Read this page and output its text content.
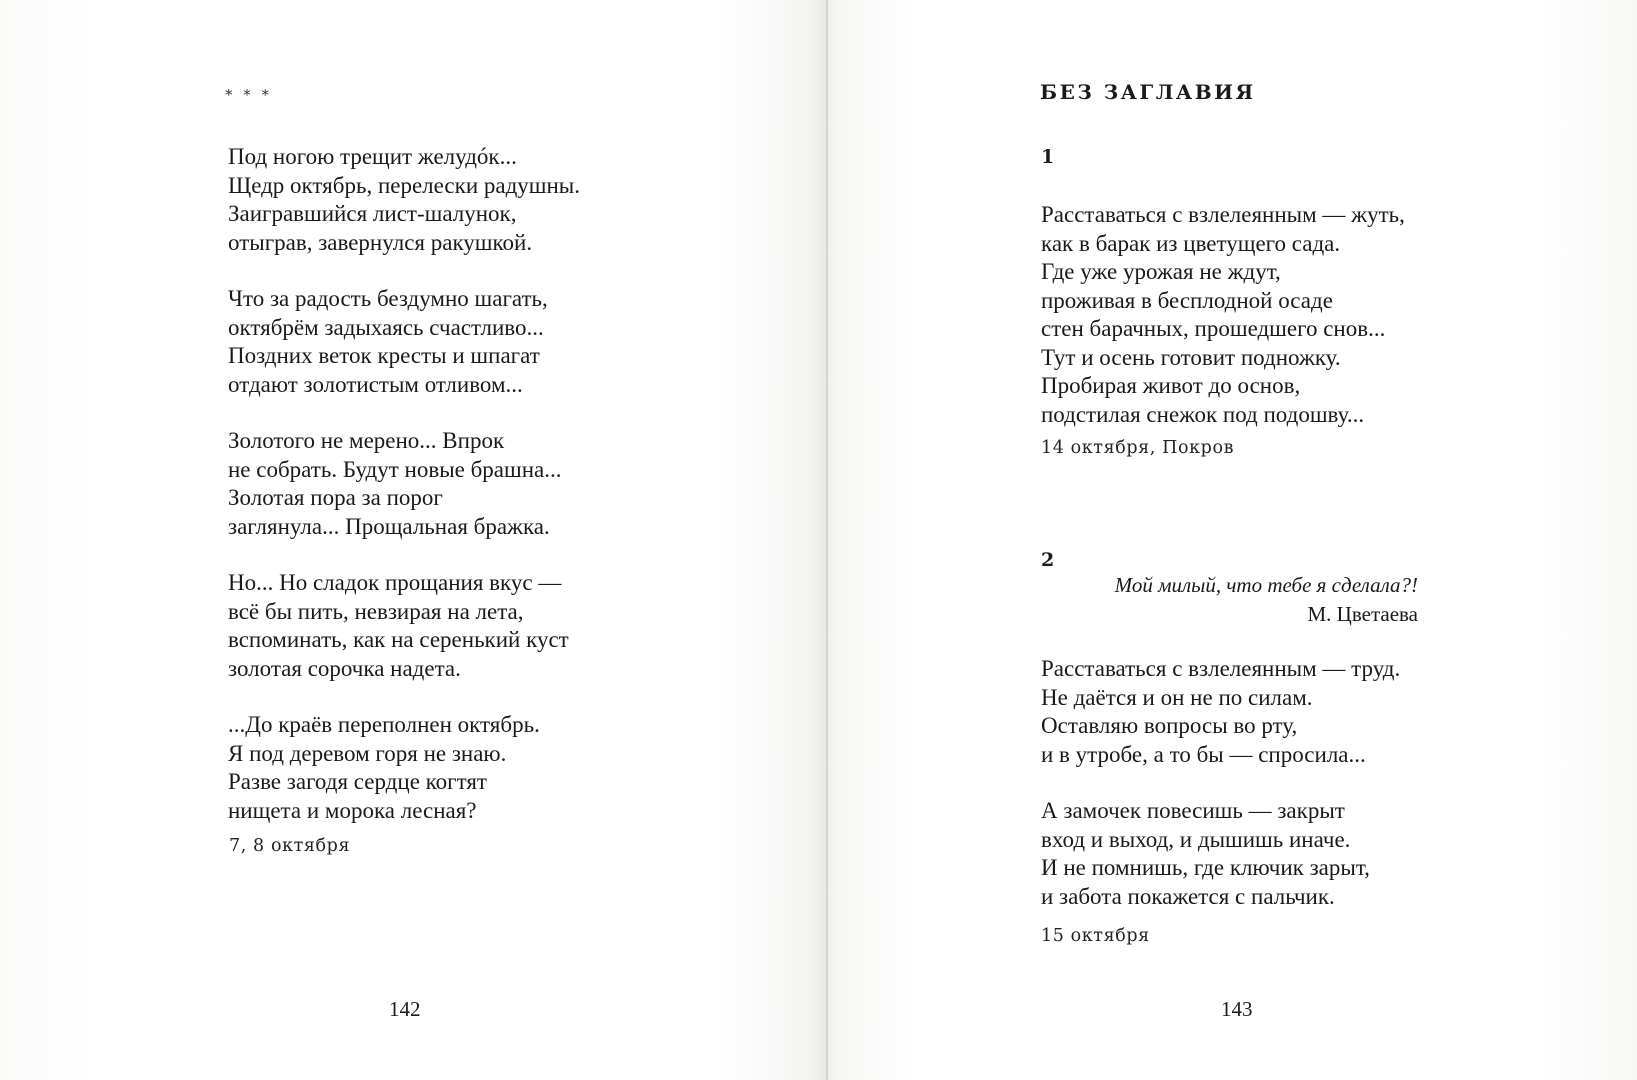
* * *
Под ногою трещит желудóк...
Щедр октябрь, перелески радушны.
Заигравшийся лист-шалунок,
отыграв, завернулся ракушкой.
Что за радость бездумно шагать,
октябрём задыхаясь счастливо...
Поздних веток кресты и шпагат
отдают золотистым отливом...
Золотого не мерено... Впрок
не собрать. Будут новые брашна...
Золотая пора за порог
заглянула... Прощальная бражка.
Но... Но сладок прощания вкус —
всё бы пить, невзирая на лета,
вспоминать, как на серенький куст
золотая сорочка надета.
...До краёв переполнен октябрь.
Я под деревом горя не знаю.
Разве загодя сердце когтят
нищета и морока лесная?
7, 8 октября
142
БЕЗ ЗАГЛАВИЯ
1
Расставаться с взлелеянным — жуть,
как в барак из цветущего сада.
Где уже урожая не ждут,
проживая в бесплодной осаде
стен барачных, прошедшего снов...
Тут и осень готовит подножку.
Пробирая живот до основ,
подстилая снежок под подошву...
14 октября, Покров
2
Мой милый, что тебе я сделала?!
М. Цветаева
Расставаться с взлелеянным — труд.
Не даётся и он не по силам.
Оставляю вопросы во рту,
и в утробе, а то бы — спросила...
А замочек повесишь — закрыт
вход и выход, и дышишь иначе.
И не помнишь, где ключик зарыт,
и забота покажется с пальчик.
15 октября
143
